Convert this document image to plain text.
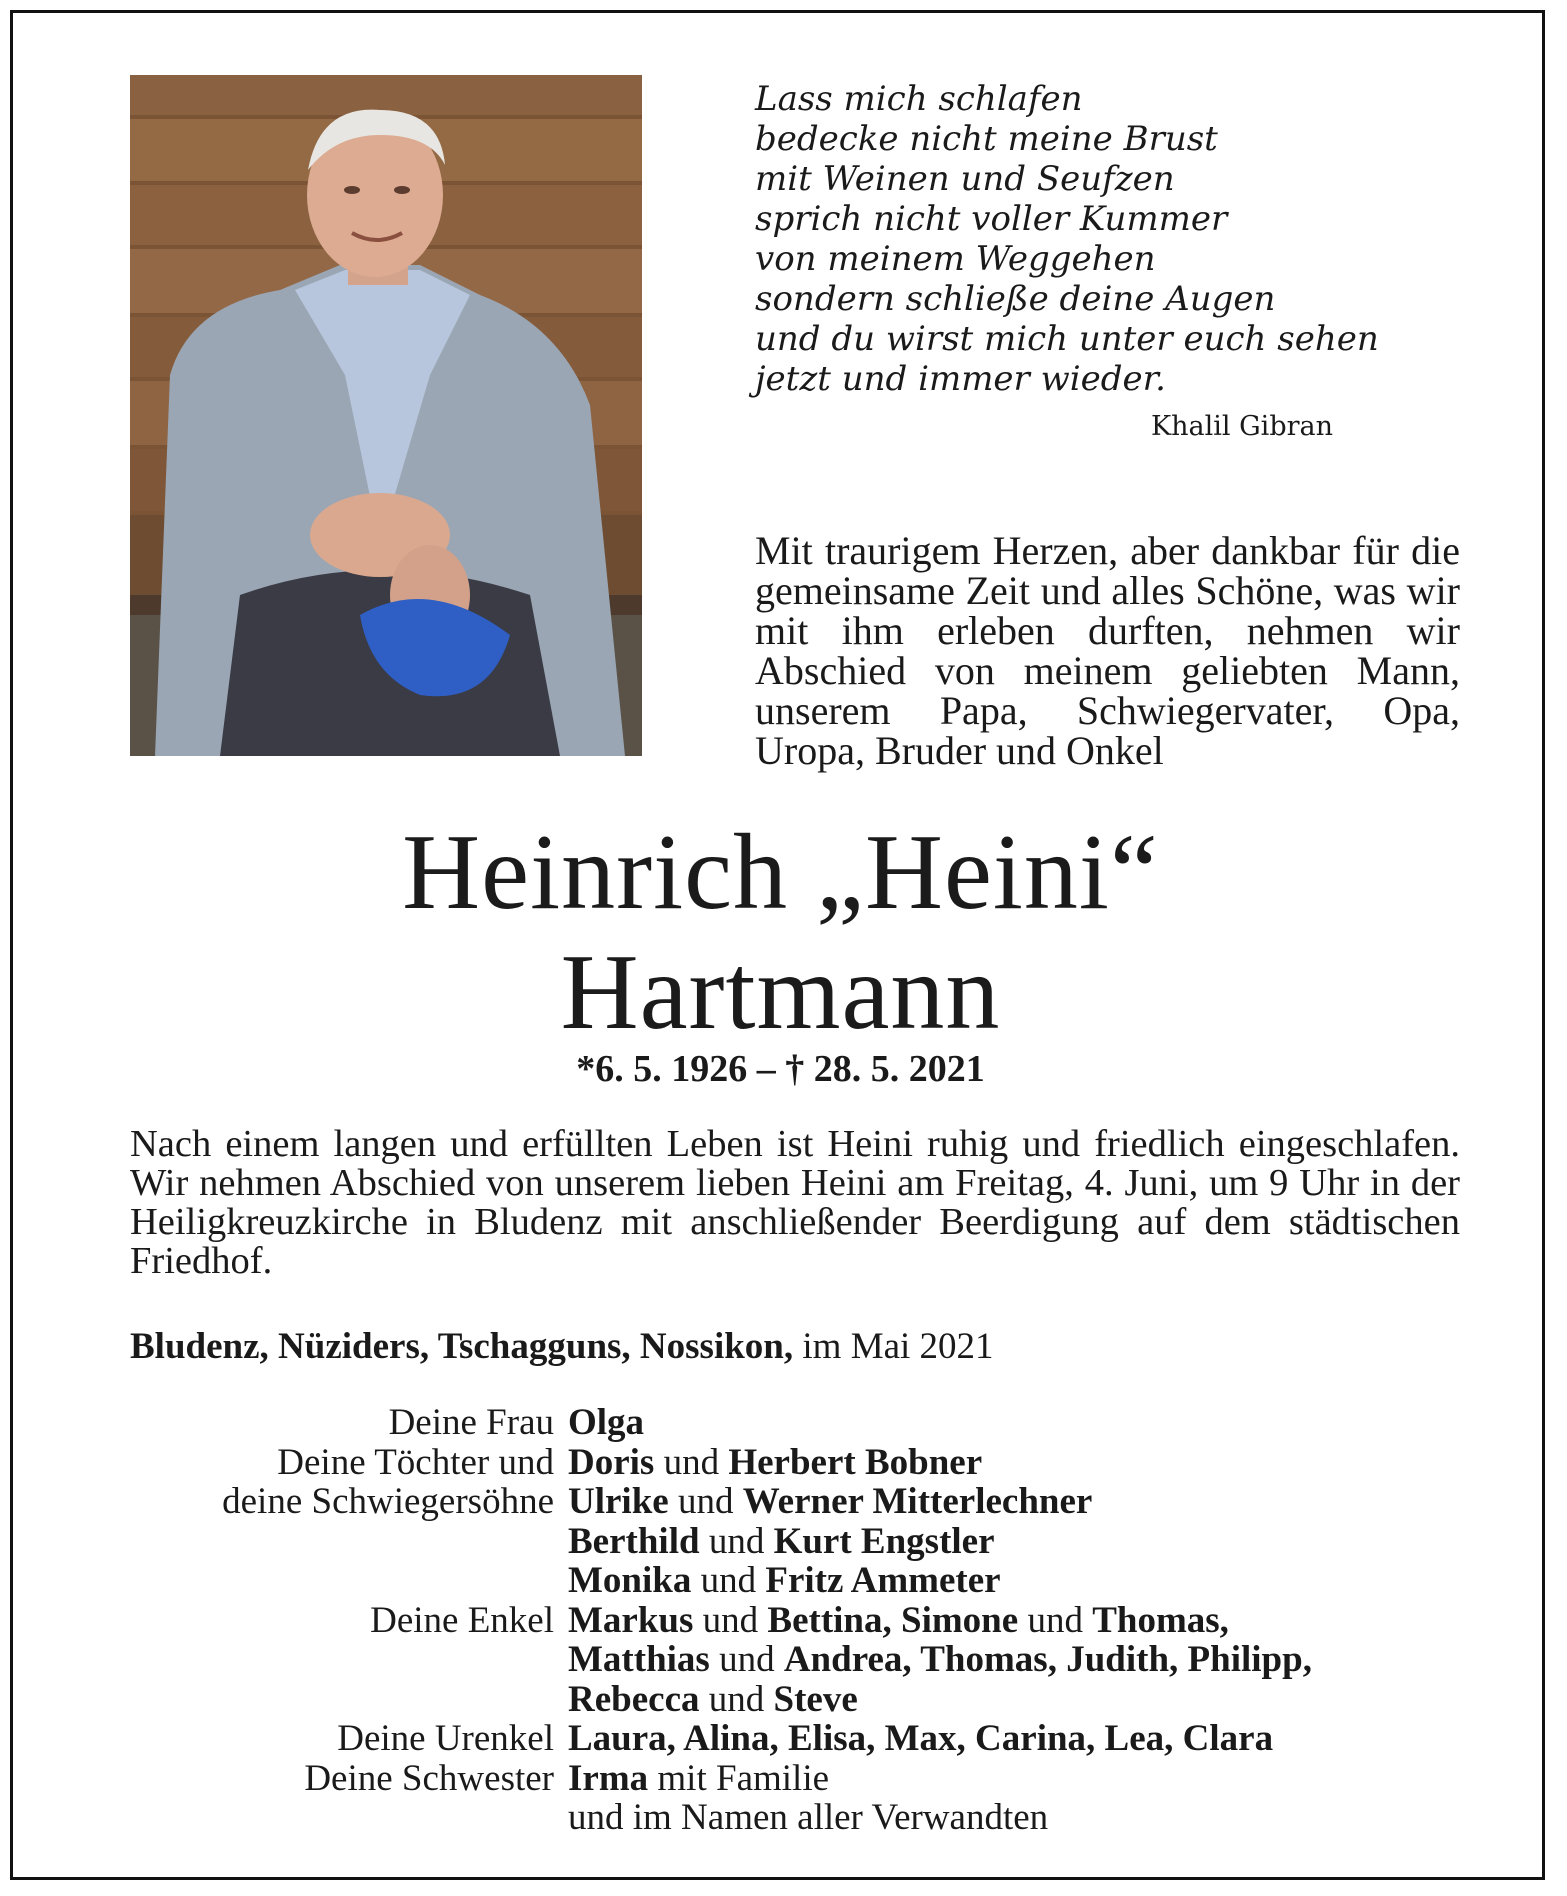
Lass mich schlafen
bedecke nicht meine Brust
mit Weinen und Seufzen
sprich nicht voller Kummer
von meinem Weggehen
sondern schließe deine Augen
und du wirst mich unter euch sehen
jetzt und immer wieder.
Khalil Gibran
Mit traurigem Herzen, aber dankbar für die gemeinsame Zeit und alles Schöne, was wir mit ihm erleben durften, nehmen wir Abschied von meinem geliebten Mann, unserem Papa, Schwiegervater, Opa, Uropa, Bruder und Onkel
Heinrich „Heini“
Hartmann
*6. 5. 1926 – † 28. 5. 2021
Nach einem langen und erfüllten Leben ist Heini ruhig und friedlich eingeschlafen. Wir nehmen Abschied von unserem lieben Heini am Freitag, 4. Juni, um 9 Uhr in der Heiligkreuzkirche in Bludenz mit anschließender Beerdigung auf dem städtischen Friedhof.
Bludenz, Nüziders, Tschagguns, Nossikon, im Mai 2021
Deine Frau Olga
Deine Töchter und Doris und Herbert Bobner
deine Schwiegersöhne Ulrike und Werner Mitterlechner
Berthild und Kurt Engstler
Monika und Fritz Ammeter
Deine Enkel Markus und Bettina, Simone und Thomas,
Matthias und Andrea, Thomas, Judith, Philipp,
Rebecca und Steve
Deine Urenkel Laura, Alina, Elisa, Max, Carina, Lea, Clara
Deine Schwester Irma mit Familie
und im Namen aller Verwandten
